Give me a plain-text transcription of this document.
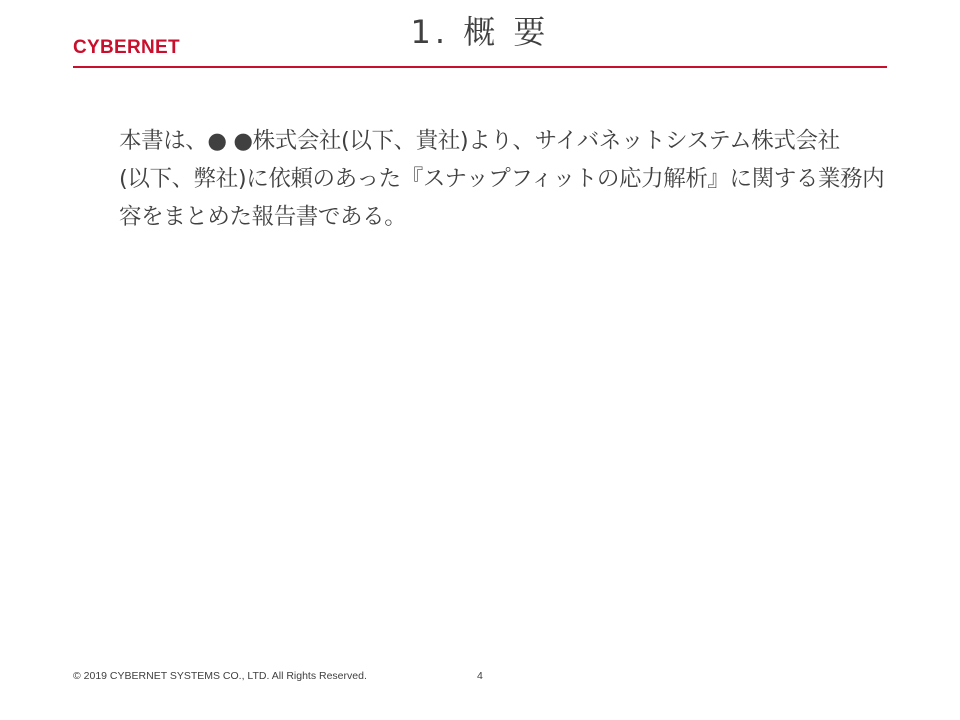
CYBERNET	1. 概 要

本書は、● ●株式会社(以下、貴社)より、サイバネットシステム株式会社
(以下、弊社)に依頼のあった『スナップフィットの応力解析』に関する業務内
容をまとめた報告書である。

© 2019 CYBERNET SYSTEMS CO., LTD. All Rights Reserved.	4
